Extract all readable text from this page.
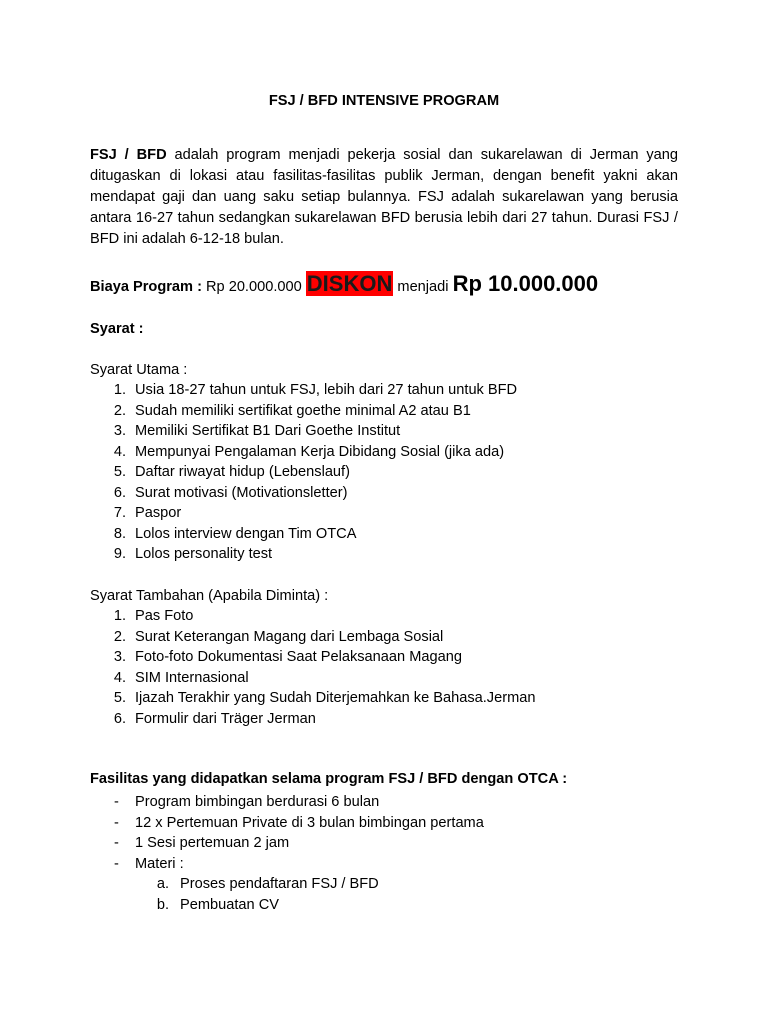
FSJ / BFD INTENSIVE PROGRAM

FSJ / BFD adalah program menjadi pekerja sosial dan sukarelawan di Jerman yang ditugaskan di lokasi atau fasilitas-fasilitas publik Jerman, dengan benefit yakni akan mendapat gaji dan uang saku setiap bulannya. FSJ adalah sukarelawan yang berusia antara 16-27 tahun sedangkan sukarelawan BFD berusia lebih dari 27 tahun. Durasi FSJ / BFD ini adalah 6-12-18 bulan.

Biaya Program : Rp 20.000.000 DISKON menjadi Rp 10.000.000
Syarat :
Syarat Utama :
1. Usia 18-27 tahun untuk FSJ, lebih dari 27 tahun untuk BFD
2. Sudah memiliki sertifikat goethe minimal A2 atau B1
3. Memiliki Sertifikat B1 Dari Goethe Institut
4. Mempunyai Pengalaman Kerja Dibidang Sosial (jika ada)
5. Daftar riwayat hidup (Lebenslauf)
6. Surat motivasi (Motivationsletter)
7. Paspor
8. Lolos interview dengan Tim OTCA
9. Lolos personality test
Syarat Tambahan (Apabila Diminta) :
1. Pas Foto
2. Surat Keterangan Magang dari Lembaga Sosial
3. Foto-foto Dokumentasi Saat Pelaksanaan Magang
4. SIM Internasional
5. Ijazah Terakhir yang Sudah Diterjemahkan ke Bahasa.Jerman
6. Formulir dari Träger Jerman
Fasilitas yang didapatkan selama program FSJ / BFD dengan OTCA :
- Program bimbingan berdurasi 6 bulan
- 12 x Pertemuan Private di 3 bulan bimbingan pertama
- 1 Sesi pertemuan 2 jam
- Materi :
a. Proses pendaftaran FSJ / BFD
b. Pembuatan CV
